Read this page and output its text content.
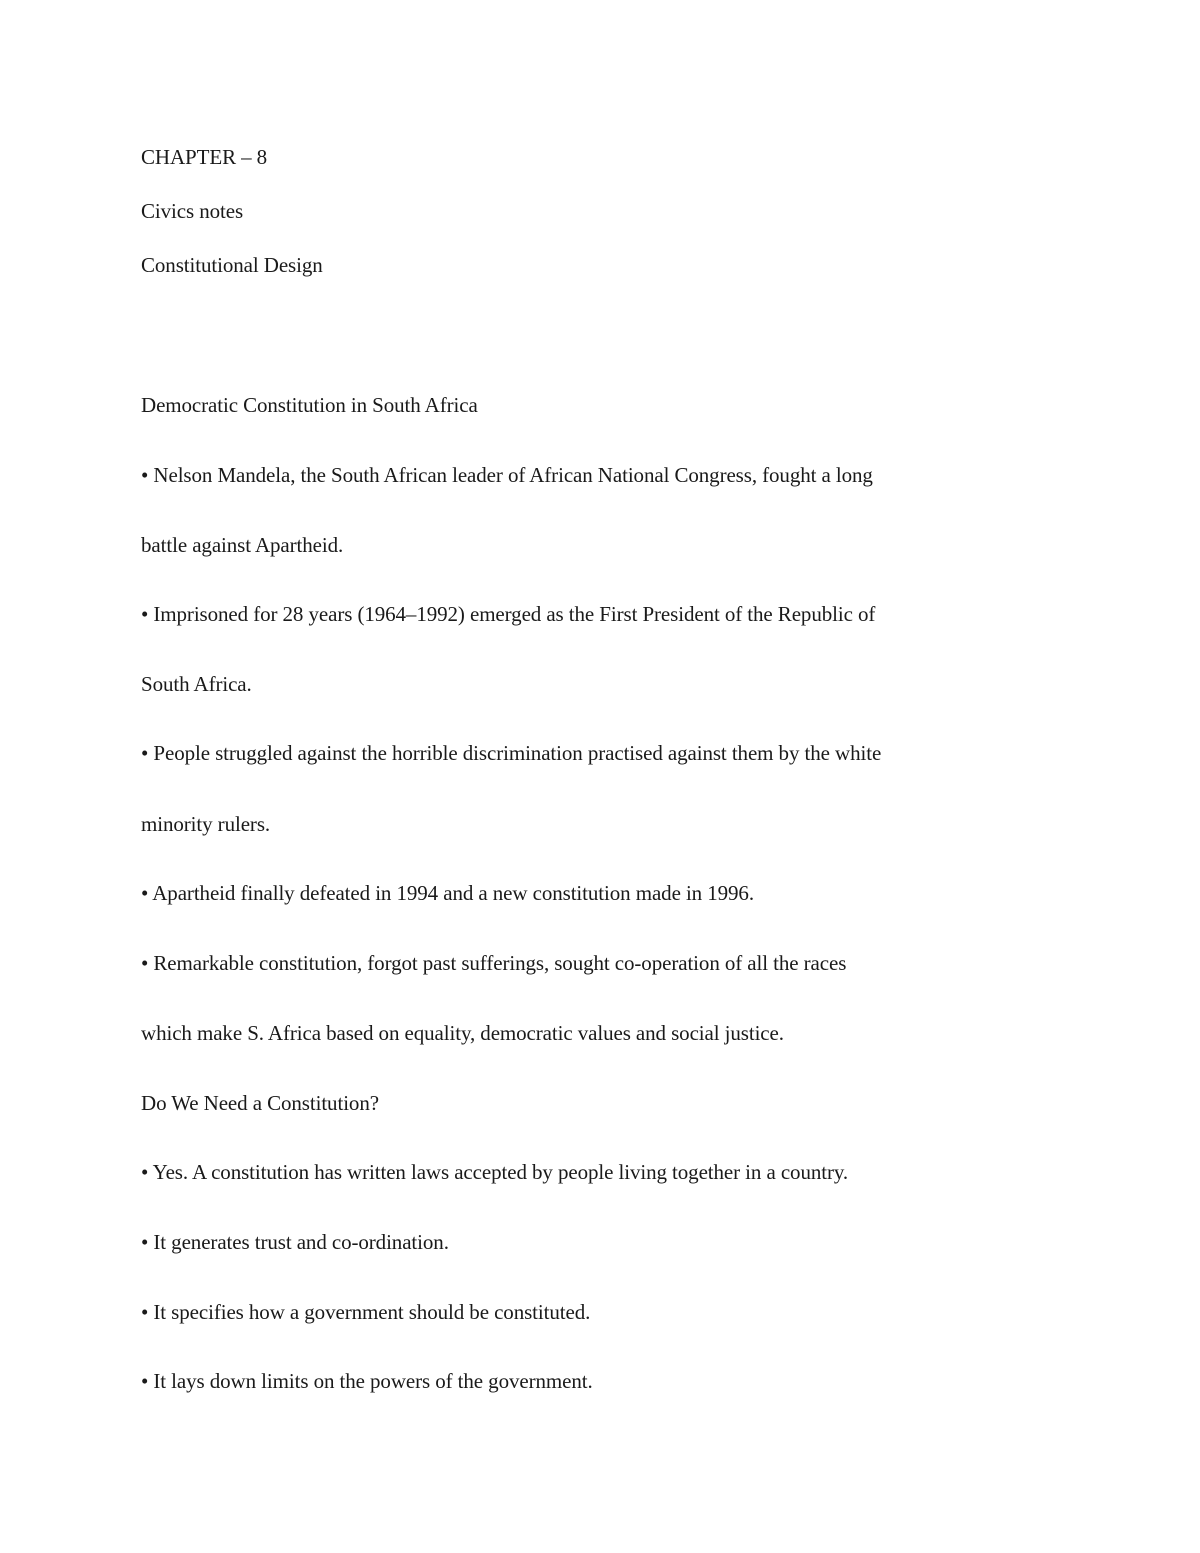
CHAPTER – 8
Civics notes
Constitutional Design
Democratic Constitution in South Africa
• Nelson Mandela, the South African leader of African National Congress, fought a long
battle against Apartheid.
• Imprisoned for 28 years (1964–1992) emerged as the First President of the Republic of
South Africa.
• People struggled against the horrible discrimination practised against them by the white
minority rulers.
• Apartheid finally defeated in 1994 and a new constitution made in 1996.
• Remarkable constitution, forgot past sufferings, sought co-operation of all the races
which make S. Africa based on equality, democratic values and social justice.
Do We Need a Constitution?
• Yes. A constitution has written laws accepted by people living together in a country.
• It generates trust and co-ordination.
• It specifies how a government should be constituted.
• It lays down limits on the powers of the government.
